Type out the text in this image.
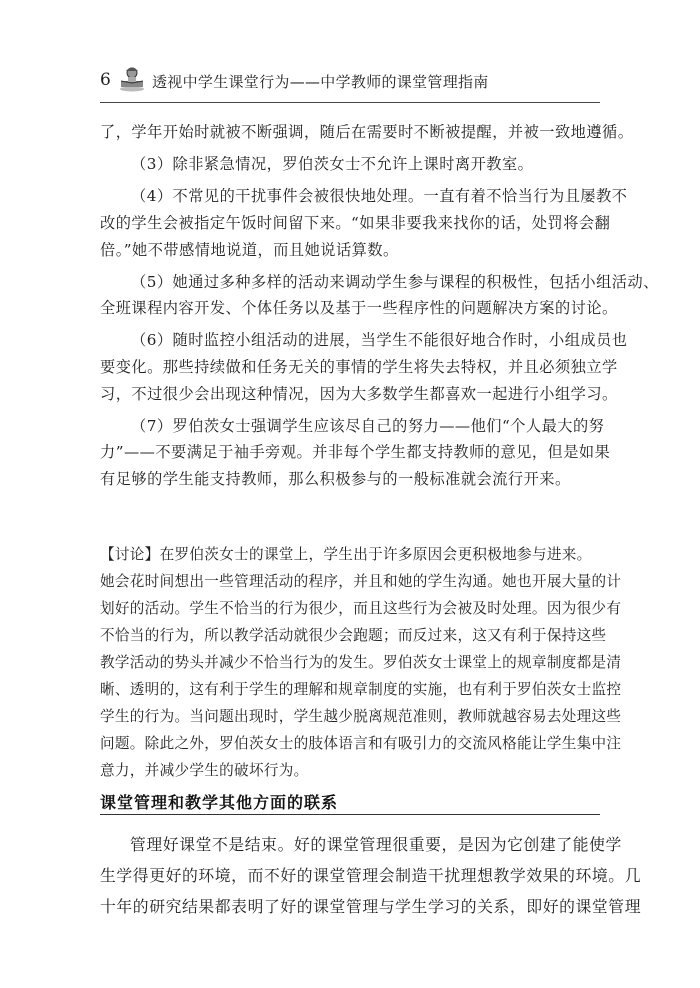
6	透视中学生课堂行为——中学教师的课堂管理指南
了，学年开始时就被不断强调，随后在需要时不断被提醒，并被一致地遵循。
（3）除非紧急情况，罗伯茨女士不允许上课时离开教室。
（4）不常见的干扰事件会被很快地处理。一直有着不恰当行为且屡教不
改的学生会被指定午饭时间留下来。“如果非要我来找你的话，处罚将会翻
倍。”她不带感情地说道，而且她说话算数。
（5）她通过多种多样的活动来调动学生参与课程的积极性，包括小组活动、
全班课程内容开发、个体任务以及基于一些程序性的问题解决方案的讨论。
（6）随时监控小组活动的进展，当学生不能很好地合作时，小组成员也
要变化。那些持续做和任务无关的事情的学生将失去特权，并且必须独立学
习，不过很少会出现这种情况，因为大多数学生都喜欢一起进行小组学习。
（7）罗伯茨女士强调学生应该尽自己的努力——他们“个人最大的努
力”——不要满足于袖手旁观。并非每个学生都支持教师的意见，但是如果
有足够的学生能支持教师，那么积极参与的一般标准就会流行开来。
【讨论】在罗伯茨女士的课堂上，学生出于许多原因会更积极地参与进来。
她会花时间想出一些管理活动的程序，并且和她的学生沟通。她也开展大量的计
划好的活动。学生不恰当的行为很少，而且这些行为会被及时处理。因为很少有
不恰当的行为，所以教学活动就很少会跑题；而反过来，这又有利于保持这些
教学活动的势头并减少不恰当行为的发生。罗伯茨女士课堂上的规章制度都是清
晰、透明的，这有利于学生的理解和规章制度的实施，也有利于罗伯茨女士监控
学生的行为。当问题出现时，学生越少脱离规范准则，教师就越容易去处理这些
问题。除此之外，罗伯茨女士的肢体语言和有吸引力的交流风格能让学生集中注
意力，并减少学生的破坏行为。
课堂管理和教学其他方面的联系
管理好课堂不是结束。好的课堂管理很重要，是因为它创建了能使学
生学得更好的环境，而不好的课堂管理会制造干扰理想教学效果的环境。几
十年的研究结果都表明了好的课堂管理与学生学习的关系，即好的课堂管理
